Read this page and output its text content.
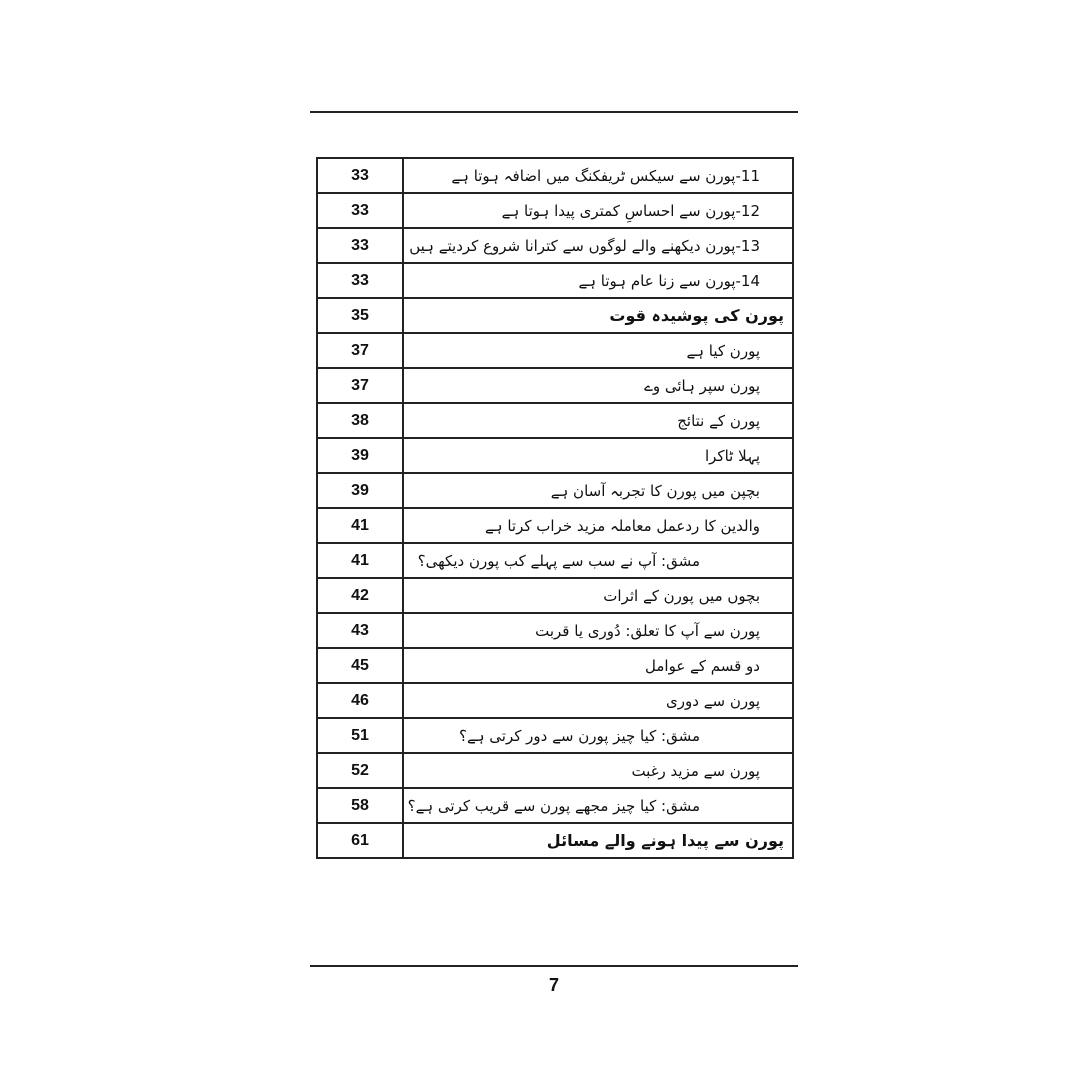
33	11-پورن سے سیکس ٹریفکنگ میں اضافہ ہوتا ہے
33	12-پورن سے احساسِ کمتری پیدا ہوتا ہے
33	13-پورن دیکھنے والے لوگوں سے کترانا شروع کردیتے ہیں
33	14-پورن سے زنا عام ہوتا ہے
35	پورن کی پوشیدہ قوت
37	پورن کیا ہے
37	پورن سپر ہائی وے
38	پورن کے نتائج
39	پہلا ٹاکرا
39	بچپن میں پورن کا تجربہ آسان ہے
41	والدین کا ردعمل معاملہ مزید خراب کرتا ہے
41	مشق: آپ نے سب سے پہلے کب پورن دیکھی؟
42	بچوں میں پورن کے اثرات
43	پورن سے آپ کا تعلق: دُوری یا قربت
45	دو قسم کے عوامل
46	پورن سے دوری
51	مشق: کیا چیز پورن سے دور کرتی ہے؟
52	پورن سے مزید رغبت
58	مشق: کیا چیز مجھے پورن سے قریب کرتی ہے؟
61	پورن سے پیدا ہونے والے مسائل
7
